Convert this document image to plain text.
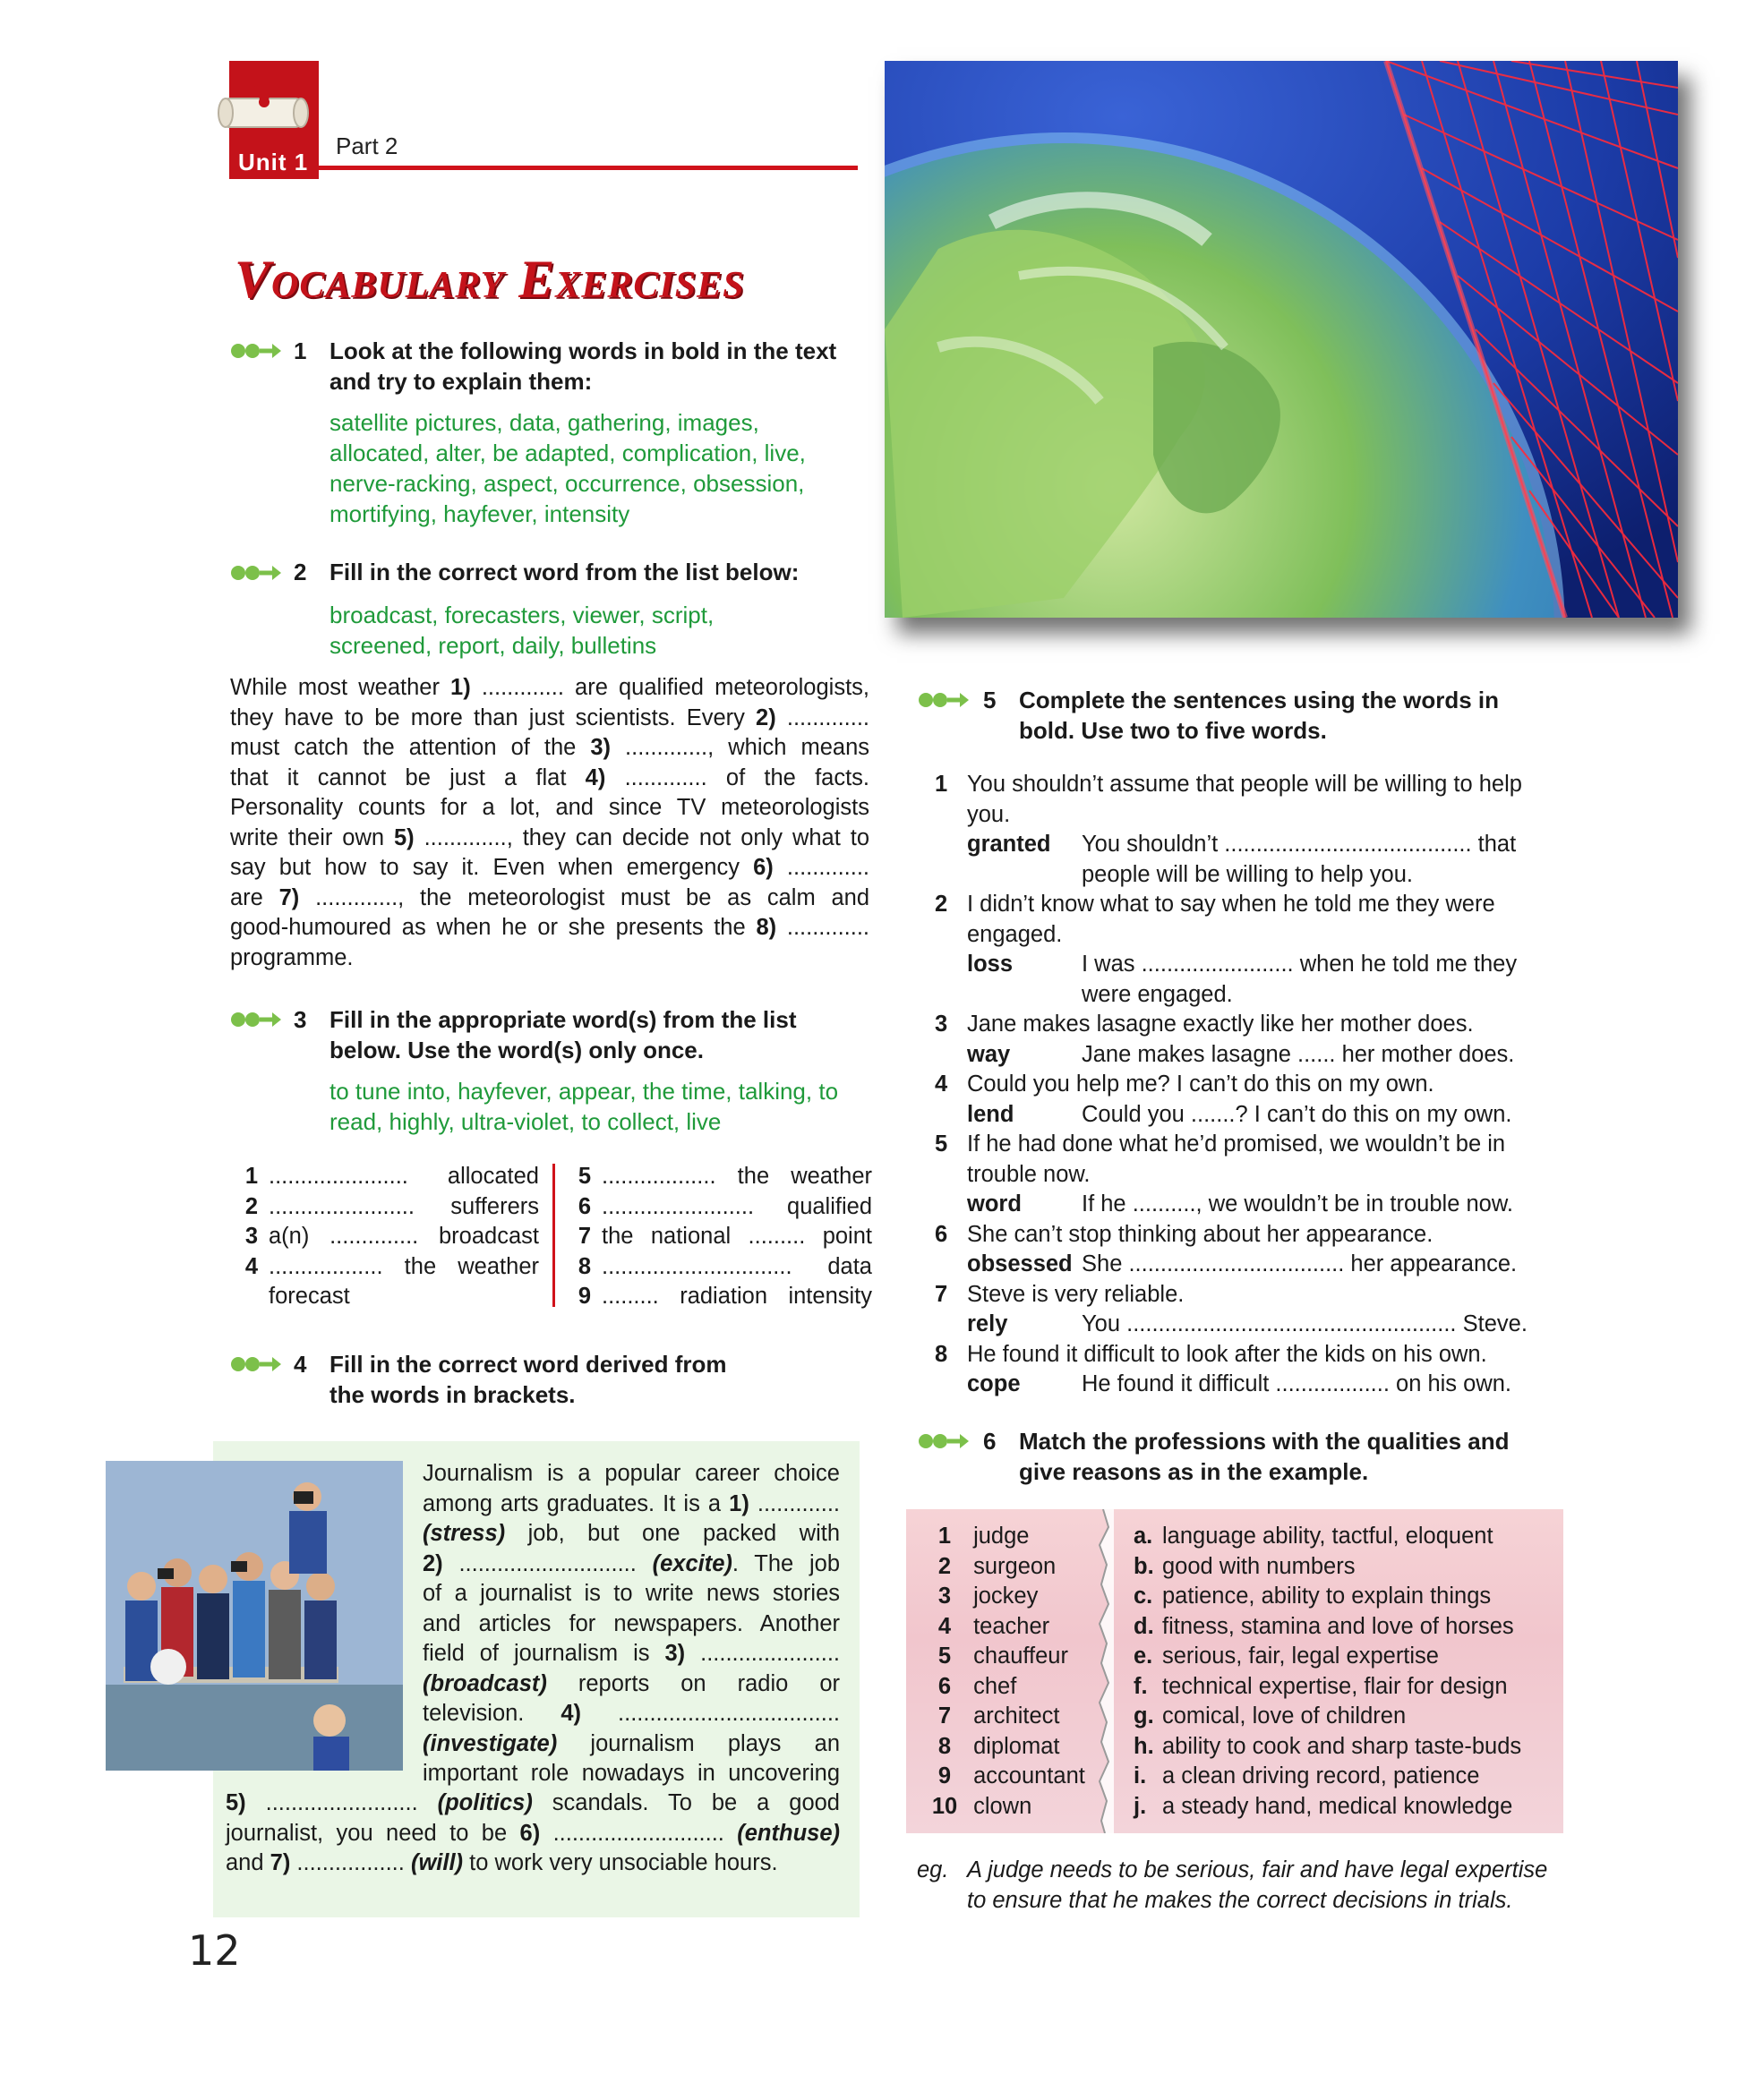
Unit 1
Part 2
Vocabulary Exercises
1 Look at the following words in bold in the text
and try to explain them:
satellite pictures, data, gathering, images,
allocated, alter, be adapted, complication, live,
nerve-racking, aspect, occurrence, obsession,
mortifying, hayfever, intensity
2 Fill in the correct word from the list below:
broadcast, forecasters, viewer, script,
screened, report, daily, bulletins
While most weather 1) ............. are qualified meteorologists,
they have to be more than just scientists. Every 2) .............
must catch the attention of the 3) ............., which means
that it cannot be just a flat 4) ............. of the facts.
Personality counts for a lot, and since TV meteorologists
write their own 5) ............., they can decide not only what to
say but how to say it. Even when emergency 6) .............
are 7) ............., the meteorologist must be as calm and
good-humoured as when he or she presents the 8) .............
programme.
3 Fill in the appropriate word(s) from the list
below. Use the word(s) only once.
to tune into, hayfever, appear, the time, talking, to
read, highly, ultra-violet, to collect, live
1 ...................... allocated
2 ....................... sufferers
3 a(n) .............. broadcast
4 .................. the weather
forecast
5 .................. the weather
6 ........................ qualified
7 the national ......... point
8 .............................. data
9 ......... radiation intensity
4 Fill in the correct word derived from
the words in brackets.
Journalism is a popular career choice
among arts graduates. It is a 1) .............
(stress) job, but one packed with
2) ............................ (excite). The job
of a journalist is to write news stories
and articles for newspapers. Another
field of journalism is 3) ......................
(broadcast) reports on radio or
television. 4) ...................................
(investigate) journalism plays an
important role nowadays in uncovering
5) ........................ (politics) scandals. To be a good
journalist, you need to be 6) ........................... (enthuse)
and 7) ................. (will) to work very unsociable hours.
5 Complete the sentences using the words in
bold. Use two to five words.
1 You shouldn’t assume that people will be willing to help
you.
granted	You shouldn’t ....................................... that
people will be willing to help you.
2 I didn’t know what to say when he told me they were
engaged.
loss	I was ........................ when he told me they
were engaged.
3 Jane makes lasagne exactly like her mother does.
way	Jane makes lasagne ...... her mother does.
4 Could you help me? I can’t do this on my own.
lend	Could you .......? I can’t do this on my own.
5 If he had done what he’d promised, we wouldn’t be in
trouble now.
word	If he .........., we wouldn’t be in trouble now.
6 She can’t stop thinking about her appearance.
obsessed She .................................. her appearance.
7 Steve is very reliable.
rely	You .................................................... Steve.
8 He found it difficult to look after the kids on his own.
cope	He found it difficult .................. on his own.
6 Match the professions with the qualities and
give reasons as in the example.
1 judge
2 surgeon
3 jockey
4 teacher
5 chauffeur
6 chef
7 architect
8 diplomat
9 accountant
10 clown
a. language ability, tactful, eloquent
b. good with numbers
c. patience, ability to explain things
d. fitness, stamina and love of horses
e. serious, fair, legal expertise
f. technical expertise, flair for design
g. comical, love of children
h. ability to cook and sharp taste-buds
i. a clean driving record, patience
j. a steady hand, medical knowledge
eg. A judge needs to be serious, fair and have legal expertise
to ensure that he makes the correct decisions in trials.
12
